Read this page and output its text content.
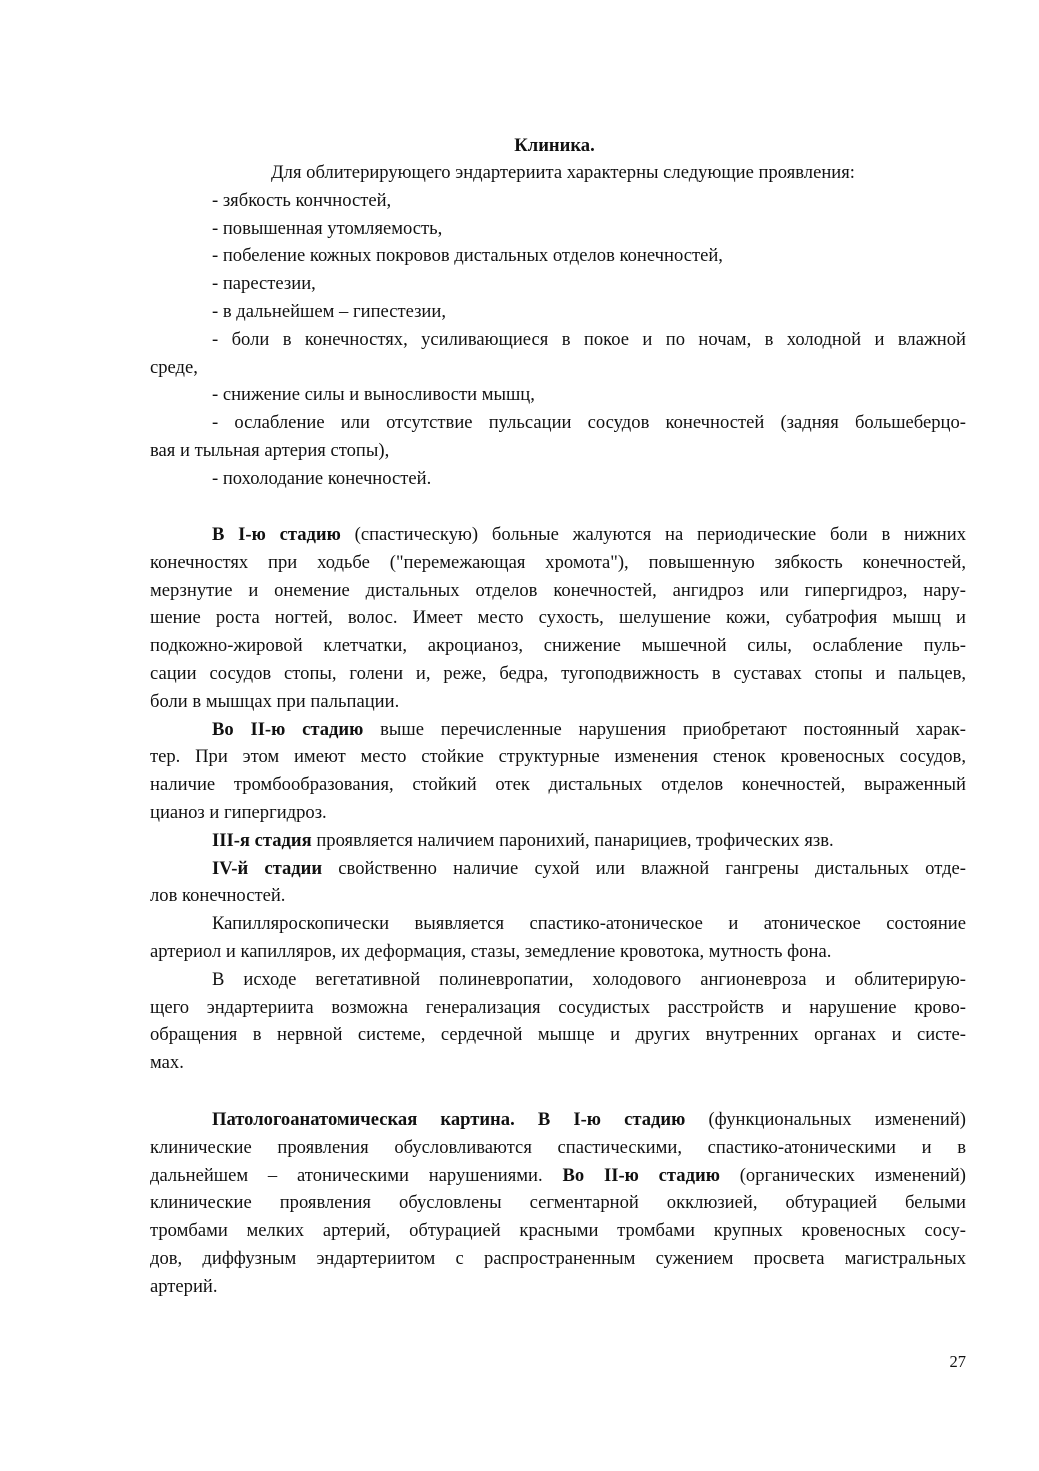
Клиника.
Для облитерирующего эндартериита характерны следующие проявления:
- зябкость кончностей,
- повышенная утомляемость,
- побеление кожных покровов дистальных отделов конечностей,
- парестезии,
- в дальнейшем – гипестезии,
- боли в конечностях, усиливающиеся в покое и по ночам, в холодной и влажной
среде,
- снижение силы и выносливости мышц,
- ослабление или отсутствие пульсации сосудов конечностей (задняя большеберцо-
вая и тыльная артерия стопы),
- похолодание конечностей.
В I-ю стадию (спастическую) больные жалуются на периодические боли в нижних
конечностях при ходьбе ("перемежающая хромота"), повышенную зябкость конечностей,
мерзнутие и онемение дистальных отделов конечностей, ангидроз или гипергидроз, нару-
шение роста ногтей, волос. Имеет место сухость, шелушение кожи, субатрофия мышц и
подкожно-жировой клетчатки, акроцианоз, снижение мышечной силы, ослабление пуль-
сации сосудов стопы, голени и, реже, бедра, тугоподвижность в суставах стопы и пальцев,
боли в мышцах при пальпации.
Во II-ю стадию выше перечисленные нарушения приобретают постоянный харак-
тер. При этом имеют место стойкие структурные изменения стенок кровеносных сосудов,
наличие тромбообразования, стойкий отек дистальных отделов конечностей, выраженный
цианоз и гипергидроз.
III-я стадия проявляется наличием паронихий, панарициев, трофических язв.
IV-й стадии свойственно наличие сухой или влажной гангрены дистальных отде-
лов конечностей.
Капилляроскопически выявляется спастико-атоническое и атоническое состояние
артериол и капилляров, их деформация, стазы, земедление кровотока, мутность фона.
В исходе вегетативной полиневропатии, холодового ангионевроза и облитерирую-
щего эндартериита возможна генерализация сосудистых расстройств и нарушение крово-
обращения в нервной системе, сердечной мышце и других внутренних органах и систе-
мах.
Патологоанатомическая картина. В I-ю стадию (функциональных изменений)
клинические проявления обусловливаются спастическими, спастико-атоническими и в
дальнейшем – атоническими нарушениями. Во II-ю стадию (органических изменений)
клинические проявления обусловлены сегментарной окклюзией, обтурацией белыми
тромбами мелких артерий, обтурацией красными тромбами крупных кровеносных сосу-
дов, диффузным эндартериитом с распространенным сужением просвета магистральных
артерий.
27
